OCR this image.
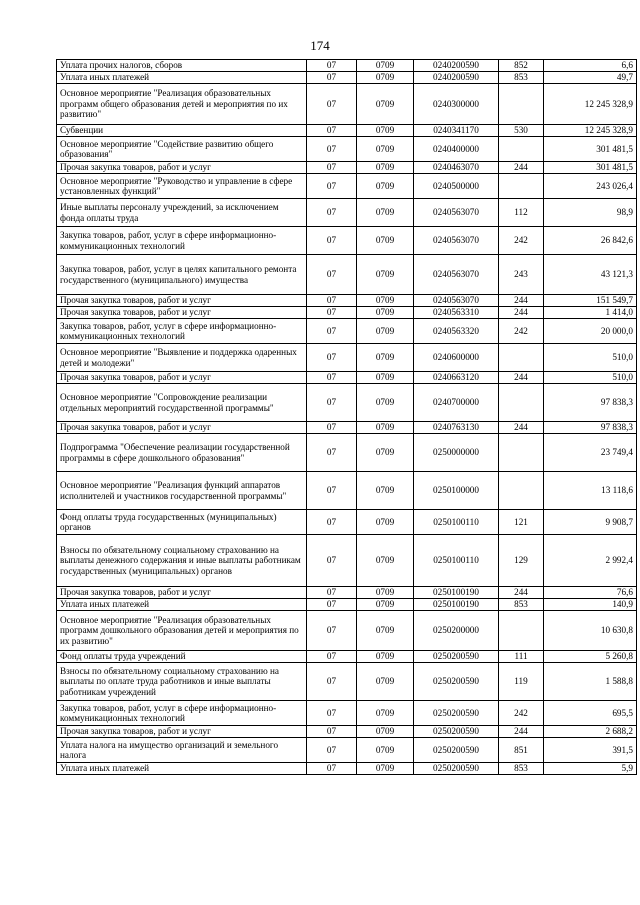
174
Уплата прочих налогов, сборов	07	0709	0240200590	852	6,6
Уплата иных платежей	07	0709	0240200590	853	49,7
Основное мероприятие "Реализация образовательных программ общего образования детей и мероприятия по их развитию"	07	0709	0240300000		12 245 328,9
Субвенции	07	0709	0240341170	530	12 245 328,9
Основное мероприятие "Содействие развитию общего образования"	07	0709	0240400000		301 481,5
Прочая закупка товаров, работ и услуг	07	0709	0240463070	244	301 481,5
Основное мероприятие "Руководство и управление в сфере установленных функций"	07	0709	0240500000		243 026,4
Иные выплаты персоналу учреждений, за исключением фонда оплаты труда	07	0709	0240563070	112	98,9
Закупка товаров, работ, услуг в сфере информационно-коммуникационных технологий	07	0709	0240563070	242	26 842,6
Закупка товаров, работ, услуг в целях капитального ремонта государственного (муниципального) имущества	07	0709	0240563070	243	43 121,3
Прочая закупка товаров, работ и услуг	07	0709	0240563070	244	151 549,7
Прочая закупка товаров, работ и услуг	07	0709	0240563310	244	1 414,0
Закупка товаров, работ, услуг в сфере информационно-коммуникационных технологий	07	0709	0240563320	242	20 000,0
Основное мероприятие "Выявление и поддержка одаренных детей и молодежи"	07	0709	0240600000		510,0
Прочая закупка товаров, работ и услуг	07	0709	0240663120	244	510,0
Основное мероприятие "Сопровождение реализации отдельных мероприятий государственной программы"	07	0709	0240700000		97 838,3
Прочая закупка товаров, работ и услуг	07	0709	0240763130	244	97 838,3
Подпрограмма "Обеспечение реализации государственной программы в сфере дошкольного образования"	07	0709	0250000000		23 749,4
Основное мероприятие "Реализация функций аппаратов исполнителей и участников государственной программы"	07	0709	0250100000		13 118,6
Фонд оплаты труда государственных (муниципальных) органов	07	0709	0250100110	121	9 908,7
Взносы по обязательному социальному страхованию на выплаты денежного содержания и иные выплаты работникам государственных (муниципальных) органов	07	0709	0250100110	129	2 992,4
Прочая закупка товаров, работ и услуг	07	0709	0250100190	244	76,6
Уплата иных платежей	07	0709	0250100190	853	140,9
Основное мероприятие "Реализация образовательных программ дошкольного образования детей и мероприятия по их развитию"	07	0709	0250200000		10 630,8
Фонд оплаты труда учреждений	07	0709	0250200590	111	5 260,8
Взносы по обязательному социальному страхованию на выплаты по оплате труда работников и иные выплаты работникам учреждений	07	0709	0250200590	119	1 588,8
Закупка товаров, работ, услуг в сфере информационно-коммуникационных технологий	07	0709	0250200590	242	695,5
Прочая закупка товаров, работ и услуг	07	0709	0250200590	244	2 688,2
Уплата налога на имущество организаций и земельного налога	07	0709	0250200590	851	391,5
Уплата иных платежей	07	0709	0250200590	853	5,9
